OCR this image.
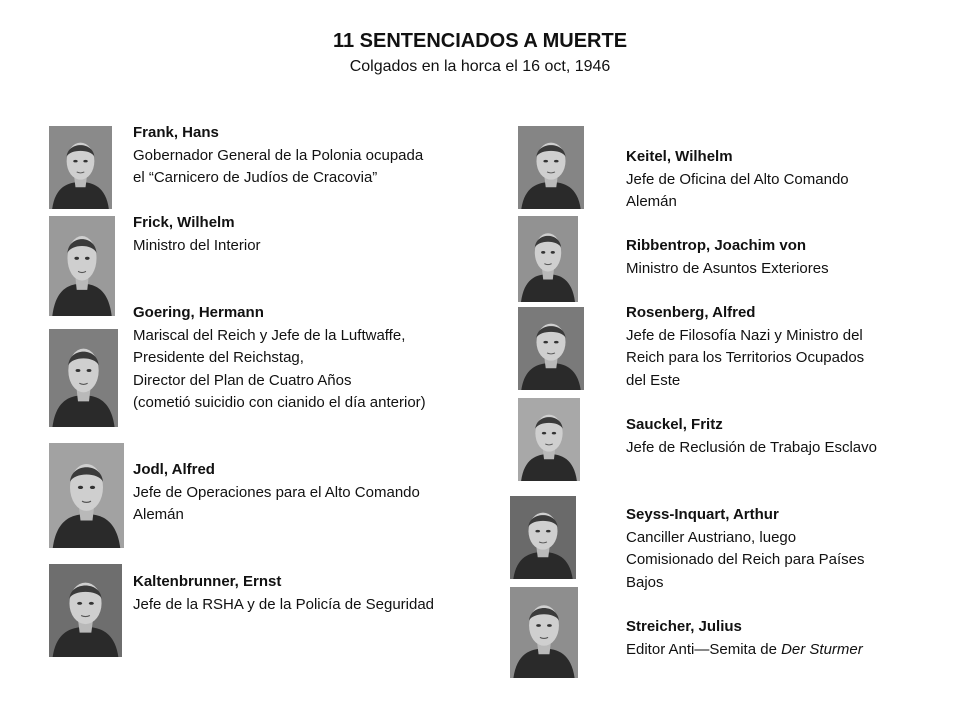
11 SENTENCIADOS A MUERTE
Colgados en la horca el 16 oct, 1946
Frank, Hans
Gobernador General de la Polonia ocupada
el “Carnicero de Judíos de Cracovia”
Frick, Wilhelm
Ministro del Interior
Goering, Hermann
Mariscal del Reich y Jefe de la Luftwaffe,
Presidente del Reichstag,
Director del Plan de Cuatro Años
(cometió suicidio con cianido el día anterior)
Jodl, Alfred
Jefe de Operaciones para el Alto Comando
Alemán
Kaltenbrunner, Ernst
Jefe de la RSHA y de la Policía de Seguridad
Keitel, Wilhelm
Jefe de Oficina del Alto Comando
Alemán
Ribbentrop, Joachim von
Ministro de Asuntos Exteriores
Rosenberg, Alfred
Jefe de Filosofía Nazi y Ministro del
Reich para los Territorios Ocupados
del Este
Sauckel, Fritz
Jefe de Reclusión de Trabajo Esclavo
Seyss-Inquart, Arthur
Canciller Austriano, luego
Comisionado del Reich para Países
Bajos
Streicher, Julius
Editor Anti—Semita de Der Sturmer
